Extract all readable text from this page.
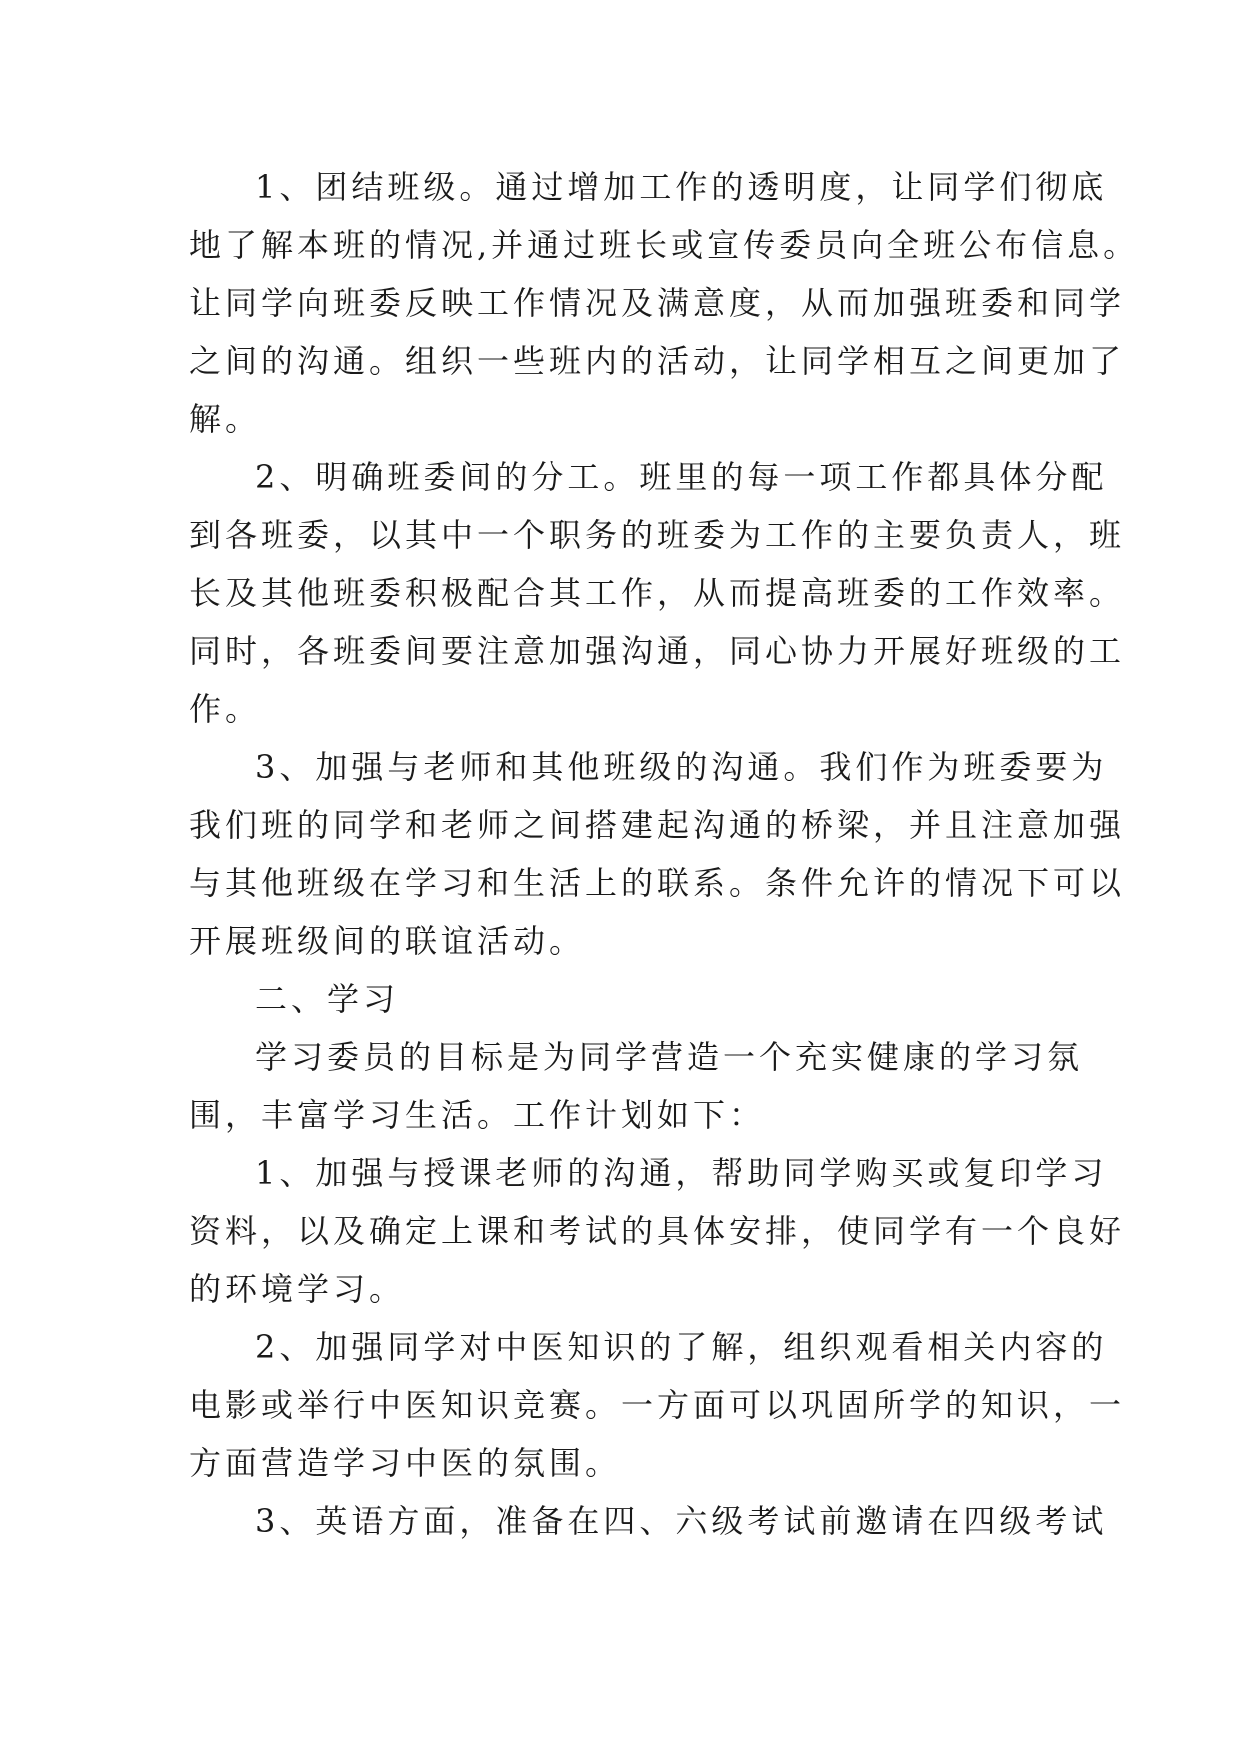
1、团结班级。通过增加工作的透明度，让同学们彻底

地了解本班的情况,并通过班长或宣传委员向全班公布信息。

让同学向班委反映工作情况及满意度，从而加强班委和同学

之间的沟通。组织一些班内的活动，让同学相互之间更加了

解。

2、明确班委间的分工。班里的每一项工作都具体分配

到各班委，以其中一个职务的班委为工作的主要负责人，班

长及其他班委积极配合其工作，从而提高班委的工作效率。

同时，各班委间要注意加强沟通，同心协力开展好班级的工

作。

3、加强与老师和其他班级的沟通。我们作为班委要为

我们班的同学和老师之间搭建起沟通的桥梁，并且注意加强

与其他班级在学习和生活上的联系。条件允许的情况下可以

开展班级间的联谊活动。

二、学习

学习委员的目标是为同学营造一个充实健康的学习氛

围，丰富学习生活。工作计划如下：

1、加强与授课老师的沟通，帮助同学购买或复印学习

资料，以及确定上课和考试的具体安排，使同学有一个良好

的环境学习。

2、加强同学对中医知识的了解，组织观看相关内容的

电影或举行中医知识竞赛。一方面可以巩固所学的知识，一

方面营造学习中医的氛围。

3、英语方面，准备在四、六级考试前邀请在四级考试
